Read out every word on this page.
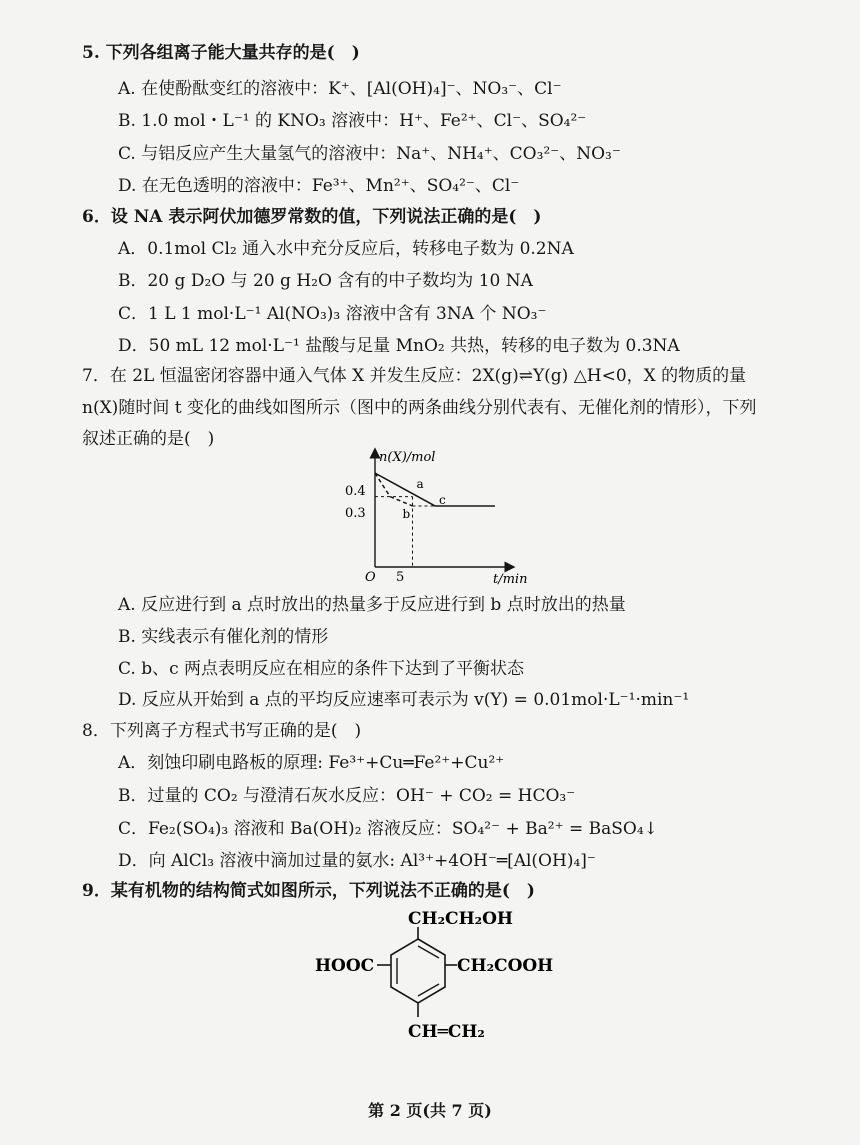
5. 下列各组离子能大量共存的是(　)
A. 在使酚酞变红的溶液中：K⁺、[Al(OH)₄]⁻、NO₃⁻、Cl⁻
B. 1.0 mol・L⁻¹ 的 KNO₃ 溶液中：H⁺、Fe²⁺、Cl⁻、SO₄²⁻
C. 与铝反应产生大量氢气的溶液中：Na⁺、NH₄⁺、CO₃²⁻、NO₃⁻
D. 在无色透明的溶液中：Fe³⁺、Mn²⁺、SO₄²⁻、Cl⁻
6．设 NA 表示阿伏加德罗常数的值，下列说法正确的是(　)
A．0.1mol Cl₂ 通入水中充分反应后，转移电子数为 0.2NA
B．20 g D₂O 与 20 g H₂O 含有的中子数均为 10 NA
C．1 L 1 mol·L⁻¹ Al(NO₃)₃ 溶液中含有 3NA 个 NO₃⁻
D．50 mL 12 mol·L⁻¹ 盐酸与足量 MnO₂ 共热，转移的电子数为 0.3NA
7．在 2L 恒温密闭容器中通入气体 X 并发生反应：2X(g)⇌Y(g) △H<0，X 的物质的量
n(X)随时间 t 变化的曲线如图所示（图中的两条曲线分别代表有、无催化剂的情形），下列
叙述正确的是(　)
n(X)/mol
t/min
O
0.4
0.3
5
a
b
c
A. 反应进行到 a 点时放出的热量多于反应进行到 b 点时放出的热量
B. 实线表示有催化剂的情形
C. b、c 两点表明反应在相应的条件下达到了平衡状态
D. 反应从开始到 a 点的平均反应速率可表示为 v(Y) = 0.01mol·L⁻¹·min⁻¹
8．下列离子方程式书写正确的是(　)
A．刻蚀印刷电路板的原理: Fe³⁺+Cu═Fe²⁺+Cu²⁺
B．过量的 CO₂ 与澄清石灰水反应：OH⁻ + CO₂ = HCO₃⁻
C．Fe₂(SO₄)₃ 溶液和 Ba(OH)₂ 溶液反应：SO₄²⁻ + Ba²⁺ = BaSO₄↓
D．向 AlCl₃ 溶液中滴加过量的氨水: Al³⁺+4OH⁻═[Al(OH)₄]⁻
9．某有机物的结构简式如图所示，下列说法不正确的是(　)
CH₂CH₂OH
HOOC	CH₂COOH
CH═CH₂
第 2 页(共 7 页)
